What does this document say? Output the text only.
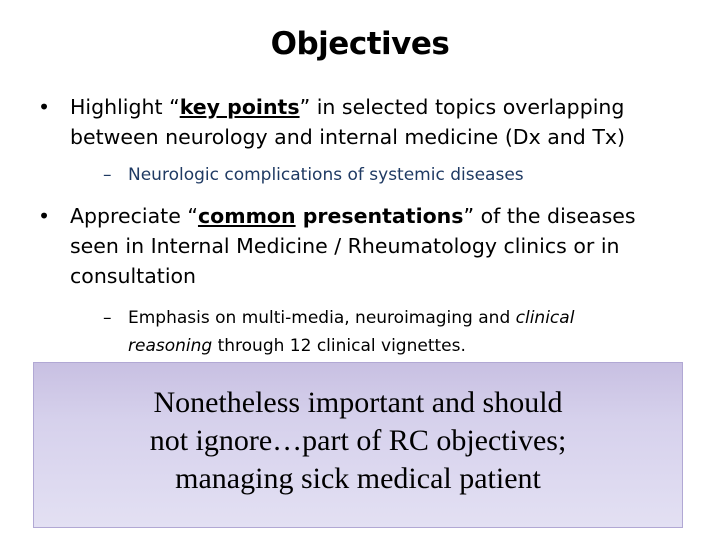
Objectives
• Highlight “key points” in selected topics overlapping between neurology and internal medicine (Dx and Tx)
– Neurologic complications of systemic diseases
• Appreciate “common presentations” of the diseases seen in Internal Medicine / Rheumatology clinics or in consultation
– Emphasis on multi-media, neuroimaging and clinical reasoning through 12 clinical vignettes.
Nonetheless important and should
not ignore…part of RC objectives;
managing sick medical patient
